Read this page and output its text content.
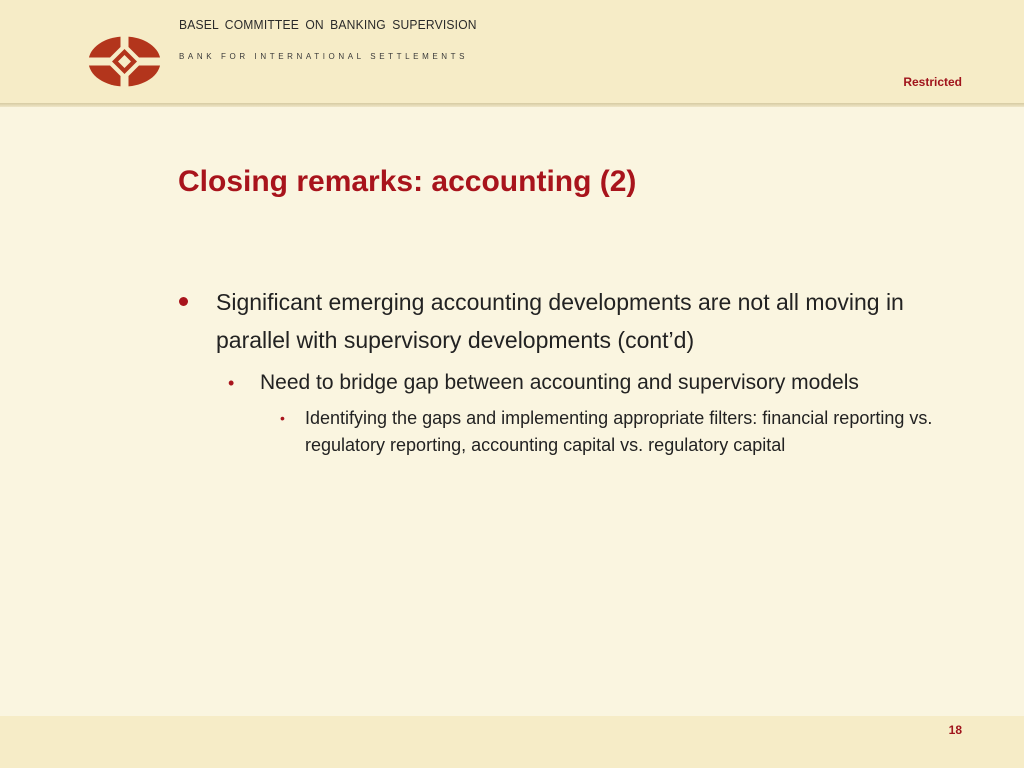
BASEL COMMITTEE ON BANKING SUPERVISION
BANK FOR INTERNATIONAL SETTLEMENTS
Restricted
Closing remarks: accounting (2)
Significant emerging accounting developments are not all moving in parallel with supervisory developments (cont’d)
• Need to bridge gap between accounting and supervisory models
• Identifying the gaps and implementing appropriate filters: financial reporting vs. regulatory reporting, accounting capital vs. regulatory capital
18
